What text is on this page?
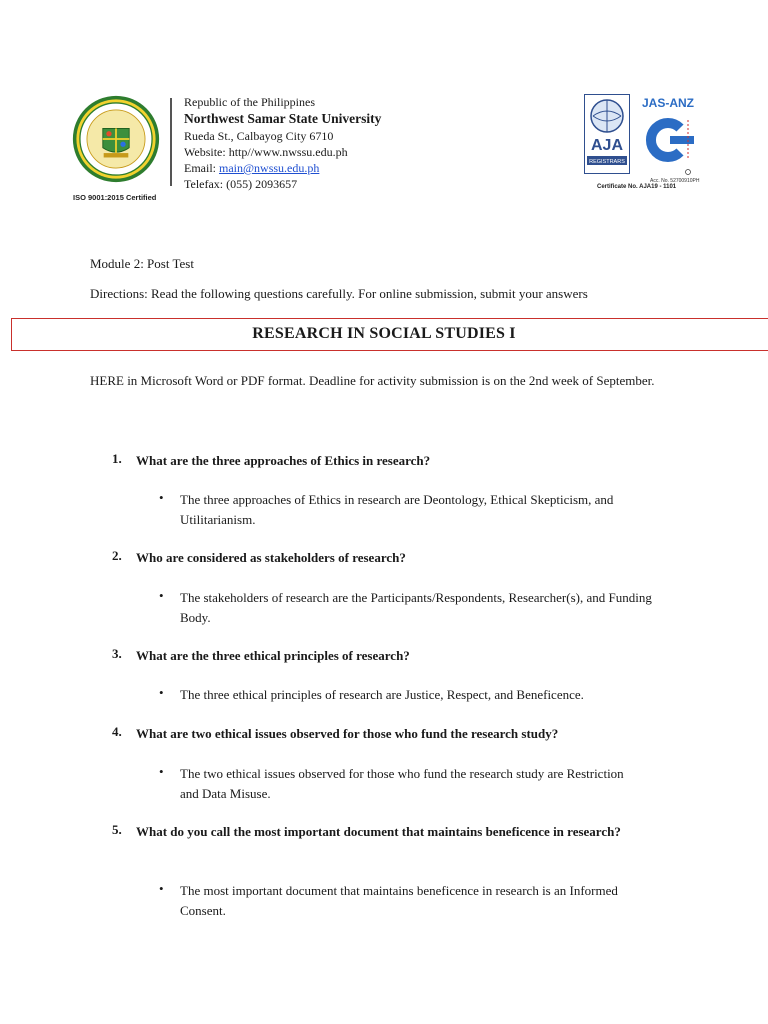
ISO 9001:2015 Certified
Republic of the Philippines
Northwest Samar State University
Rueda St., Calbayog City 6710
Website: http//www.nwssu.edu.ph
Email: main@nwssu.edu.ph
Telefax: (055) 2093657
AJA
REGISTRARS
JAS-ANZ
Acc. No. 52700910PH
Certificate No. AJA19 - 1101
Module 2: Post Test
Directions: Read the following questions carefully. For online submission, submit your answers
RESEARCH IN SOCIAL STUDIES I
HERE in Microsoft Word or PDF format. Deadline for activity submission is on the 2nd week of September.
1. What are the three approaches of Ethics in research?
• The three approaches of Ethics in research are Deontology, Ethical Skepticism, and Utilitarianism.
2. Who are considered as stakeholders of research?
• The stakeholders of research are the Participants/Respondents, Researcher(s), and Funding Body.
3. What are the three ethical principles of research?
• The three ethical principles of research are Justice, Respect, and Beneficence.
4. What are two ethical issues observed for those who fund the research study?
• The two ethical issues observed for those who fund the research study are Restriction and Data Misuse.
5. What do you call the most important document that maintains beneficence in research?
• The most important document that maintains beneficence in research is an Informed Consent.
